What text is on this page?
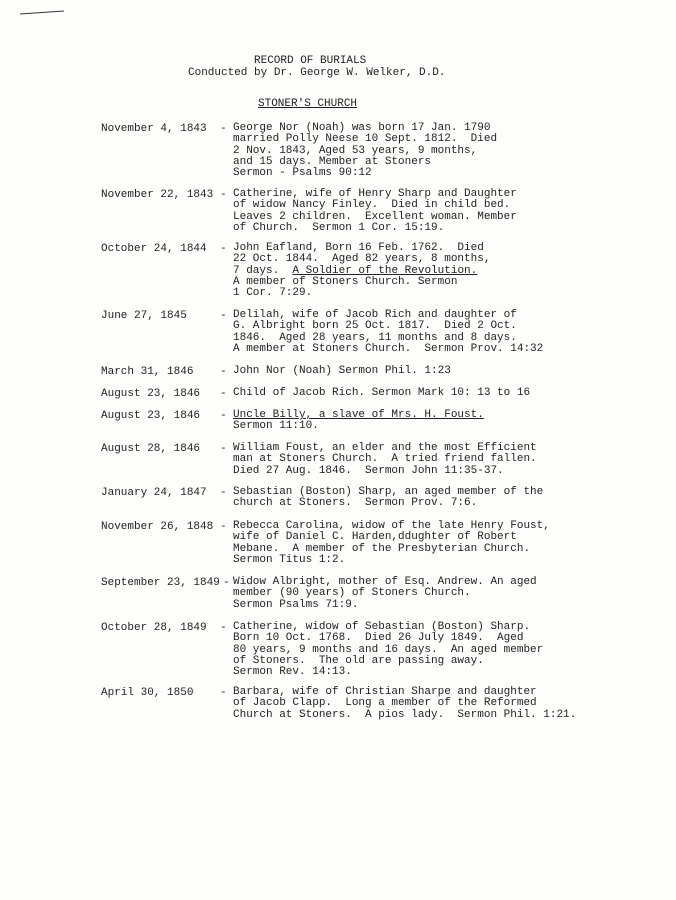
RECORD OF BURIALS
Conducted by Dr. George W. Welker, D.D.
STONER'S CHURCH
November 4, 1843 - George Nor (Noah) was born 17 Jan. 1790
married Polly Neese 10 Sept. 1812.  Died
2 Nov. 1843, Aged 53 years, 9 months,
and 15 days. Member at Stoners
Sermon - Psalms 90:12
November 22, 1843 - Catherine, wife of Henry Sharp and Daughter
of widow Nancy Finley.  Died in child bed.
Leaves 2 children.  Excellent woman. Member
of Church.  Sermon 1 Cor. 15:19.
October 24, 1844 - John Eafland, Born 16 Feb. 1762.  Died
22 Oct. 1844.  Aged 82 years, 8 months,
7 days. A Soldier of the Revolution.
A member of Stoners Church. Sermon
1 Cor. 7:29.
June 27, 1845	- Delilah, wife of Jacob Rich and daughter of
G. Albright born 25 Oct. 1817.  Died 2 Oct.
1846.  Aged 28 years, 11 months and 8 days.
A member at Stoners Church.  Sermon Prov. 14:32
March 31, 1846 - John Nor (Noah) Sermon Phil. 1:23
August 23, 1846 - Child of Jacob Rich. Sermon Mark 10: 13 to 16
August 23, 1846 - Uncle Billy, a slave of Mrs. H. Foust.
Sermon 11:10.
August 28, 1846 - William Foust, an elder and the most Efficient
man at Stoners Church.  A tried friend fallen.
Died 27 Aug. 1846.  Sermon John 11:35-37.
January 24, 1847 - Sebastian (Boston) Sharp, an aged member of the
church at Stoners.  Sermon Prov. 7:6.
November 26, 1848 - Rebecca Carolina, widow of the late Henry Foust,
wife of Daniel C. Harden,ddughter of Robert
Mebane.  A member of the Presbyterian Church.
Sermon Titus 1:2.
September 23, 1849 - Widow Albright, mother of Esq. Andrew. An aged
member (90 years) of Stoners Church.
Sermon Psalms 71:9.
October 28, 1849 - Catherine, widow of Sebastian (Boston) Sharp.
Born 10 Oct. 1768.  Died 26 July 1849.  Aged
80 years, 9 months and 16 days.  An aged member
of Stoners.  The old are passing away.
Sermon Rev. 14:13.
April 30, 1850 - Barbara, wife of Christian Sharpe and daughter
of Jacob Clapp.  Long a member of the Reformed
Church at Stoners.  A pios lady.  Sermon Phil. 1:21.
